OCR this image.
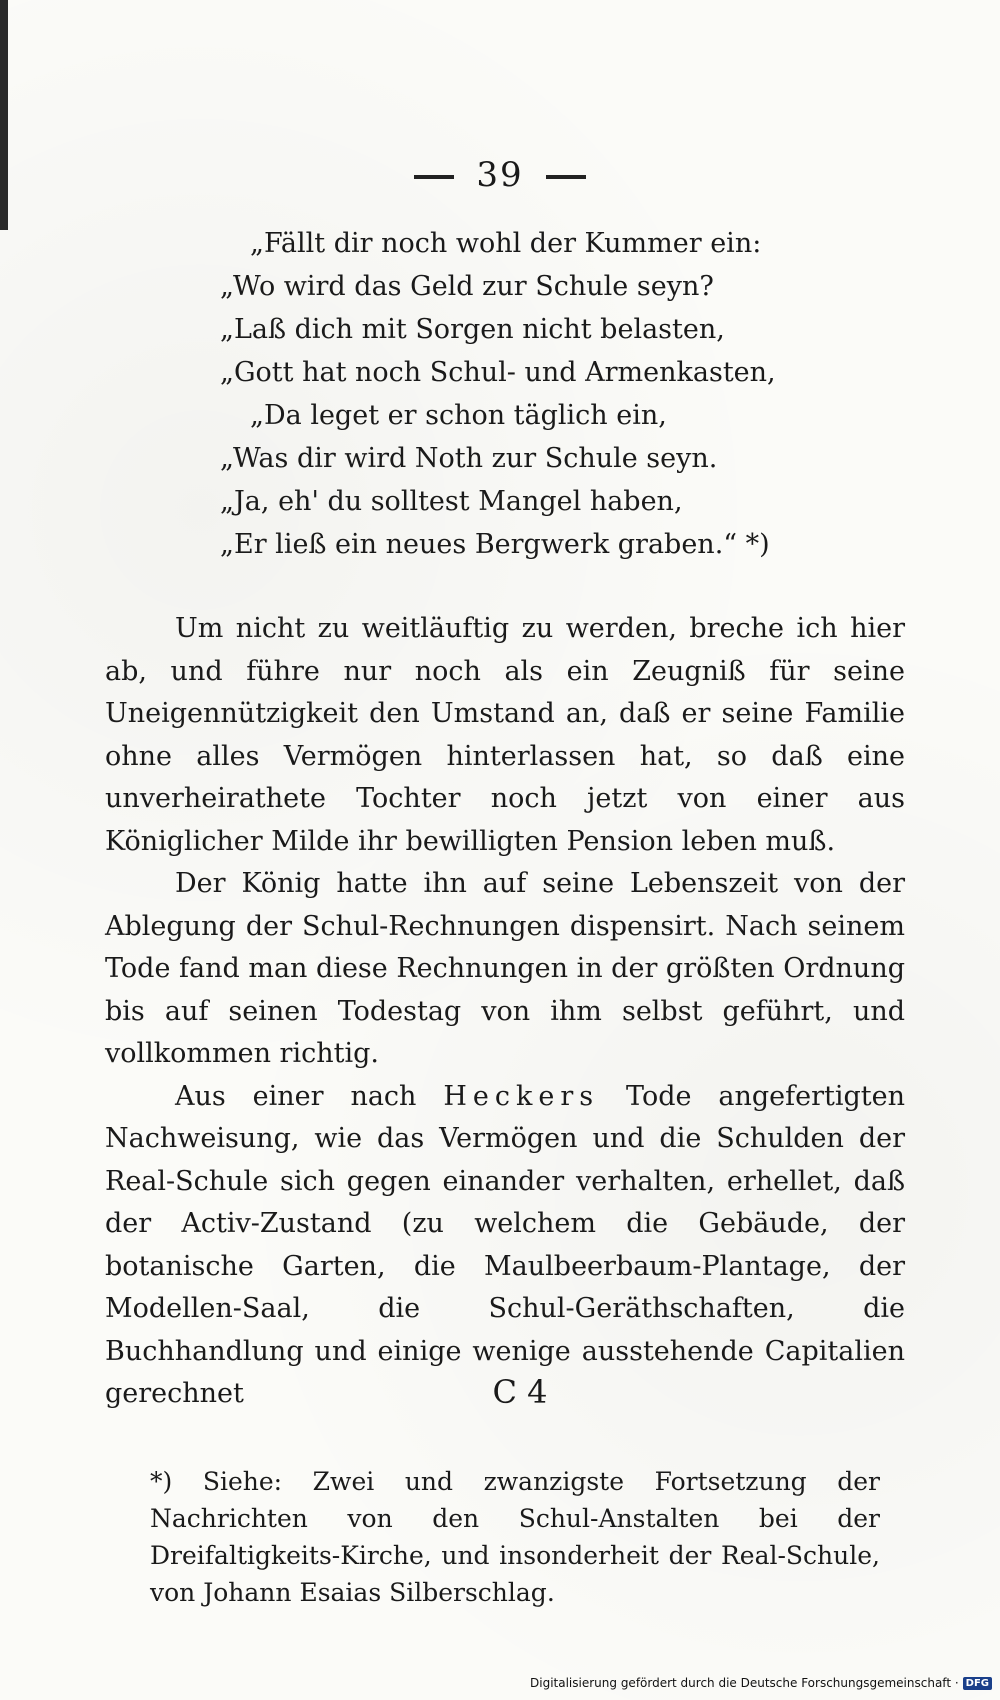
39
„Fällt dir noch wohl der Kummer ein:
„Wo wird das Geld zur Schule seyn?
„Laß dich mit Sorgen nicht belasten,
„Gott hat noch Schul- und Armenkasten,
„Da leget er schon täglich ein,
„Was dir wird Noth zur Schule seyn.
„Ja, eh' du solltest Mangel haben,
„Er ließ ein neues Bergwerk graben.“ *)

Um nicht zu weitläuftig zu werden, breche ich hier ab, und führe nur noch als ein Zeugniß für seine Uneigennützigkeit den Umstand an, daß er seine Familie ohne alles Vermögen hinterlassen hat, so daß eine unverheirathete Tochter noch jetzt von einer aus Königlicher Milde ihr bewilligten Pension leben muß.

Der König hatte ihn auf seine Lebenszeit von der Ablegung der Schul-Rechnungen dispensirt. Nach seinem Tode fand man diese Rechnungen in der größten Ordnung bis auf seinen Todestag von ihm selbst geführt, und vollkommen richtig.

Aus einer nach Heckers Tode angefertigten Nachweisung, wie das Vermögen und die Schulden der Real-Schule sich gegen einander verhalten, erhellet, daß der Activ-Zustand (zu welchem die Gebäude, der botanische Garten, die Maulbeerbaum-Plantage, der Modellen-Saal, die Schul-Geräthschaften, die Buchhandlung und einige wenige ausstehende Capitalien gerechnet	C 4
*) Siehe: Zwei und zwanzigste Fortsetzung der Nachrichten von den Schul-Anstalten bei der Dreifaltigkeits-Kirche, und insonderheit der Real-Schule, von Johann Esaias Silberschlag.
Digitalisierung gefördert durch die Deutsche Forschungsgemeinschaft · DFG
